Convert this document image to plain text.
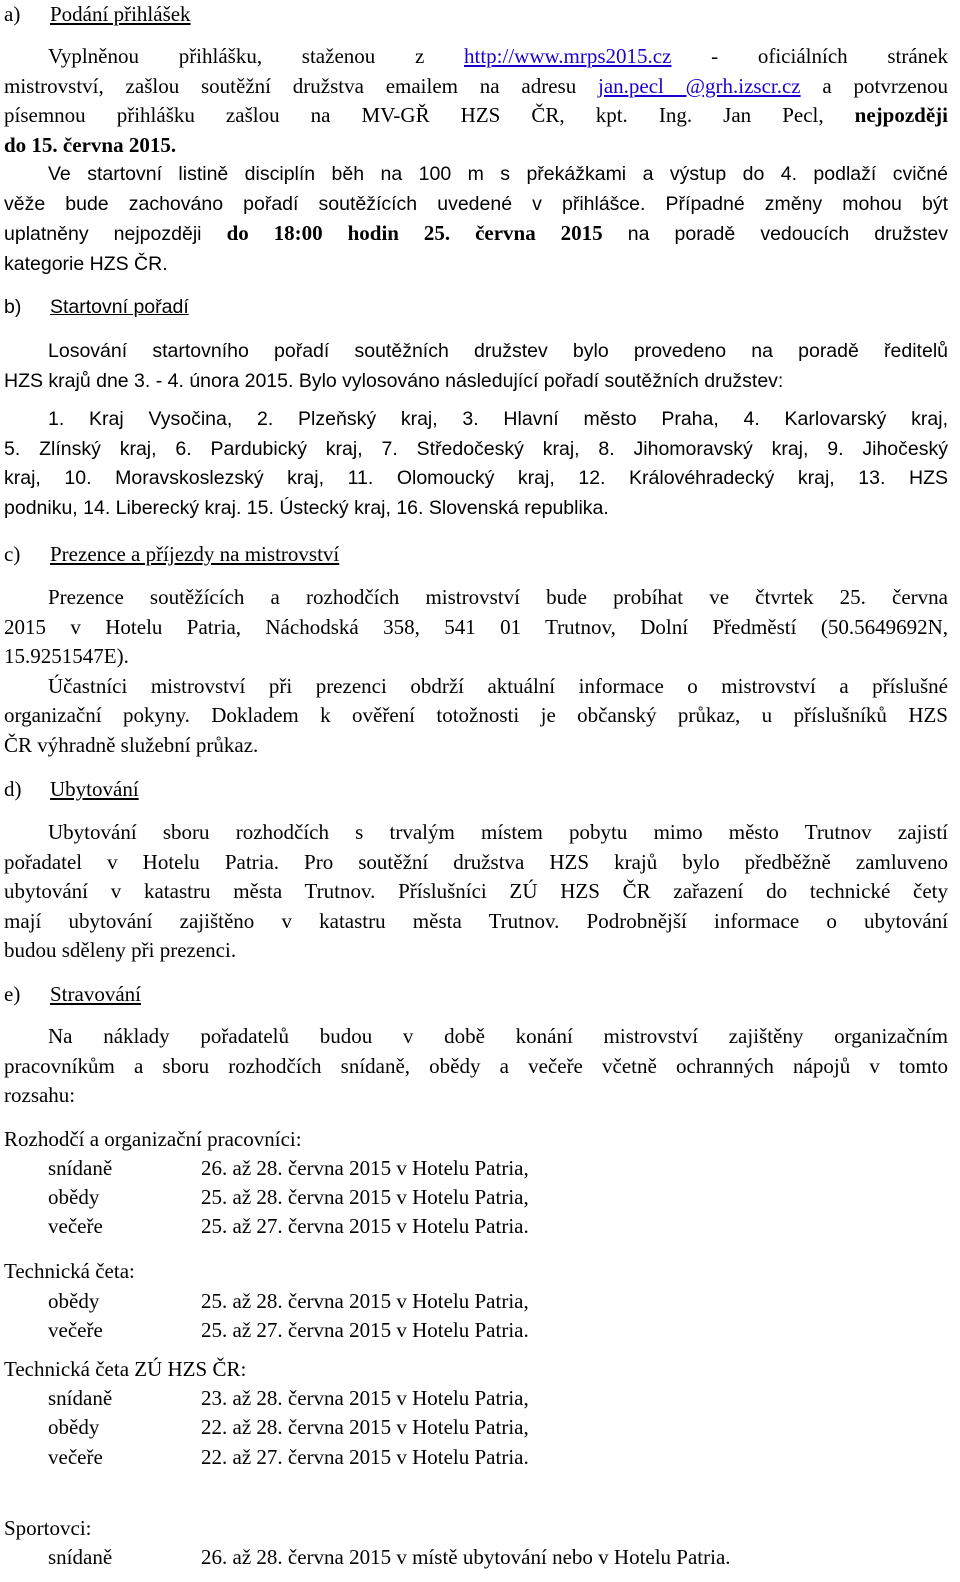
a) Podání přihlášek
Vyplněnou přihlášku, staženou z http://www.mrps2015.cz - oficiálních stránek
mistrovství, zašlou soutěžní družstva emailem na adresu jan.pecl @grh.izscr.cz a potvrzenou
písemnou přihlášku zašlou na MV-GŘ HZS ČR, kpt. Ing. Jan Pecl, nejpozději
do 15. června 2015.
Ve startovní listině disciplín běh na 100 m s překážkami a výstup do 4. podlaží cvičné
věže bude zachováno pořadí soutěžících uvedené v přihlášce. Případné změny mohou být
uplatněny nejpozději do 18:00 hodin 25. června 2015 na poradě vedoucích družstev
kategorie HZS ČR.
b) Startovní pořadí
Losování startovního pořadí soutěžních družstev bylo provedeno na poradě ředitelů
HZS krajů dne 3. - 4. února 2015. Bylo vylosováno následující pořadí soutěžních družstev:
1. Kraj Vysočina, 2. Plzeňský kraj, 3. Hlavní město Praha, 4. Karlovarský kraj,
5. Zlínský kraj, 6. Pardubický kraj, 7. Středočeský kraj, 8. Jihomoravský kraj, 9. Jihočeský
kraj, 10. Moravskoslezský kraj, 11. Olomoucký kraj, 12. Královéhradecký kraj, 13. HZS
podniku, 14. Liberecký kraj. 15. Ústecký kraj, 16. Slovenská republika.
c) Prezence a příjezdy na mistrovství
Prezence soutěžících a rozhodčích mistrovství bude probíhat ve čtvrtek 25. června
2015 v Hotelu Patria, Náchodská 358, 541 01 Trutnov, Dolní Předměstí (50.5649692N,
15.9251547E).
Účastníci mistrovství při prezenci obdrží aktuální informace o mistrovství a příslušné
organizační pokyny. Dokladem k ověření totožnosti je občanský průkaz, u příslušníků HZS
ČR výhradně služební průkaz.
d) Ubytování
Ubytování sboru rozhodčích s trvalým místem pobytu mimo město Trutnov zajistí
pořadatel v Hotelu Patria. Pro soutěžní družstva HZS krajů bylo předběžně zamluveno
ubytování v katastru města Trutnov. Příslušníci ZÚ HZS ČR zařazení do technické čety
mají ubytování zajištěno v katastru města Trutnov. Podrobnější informace o ubytování
budou sděleny při prezenci.
e) Stravování
Na náklady pořadatelů budou v době konání mistrovství zajištěny organizačním
pracovníkům a sboru rozhodčích snídaně, obědy a večeře včetně ochranných nápojů v tomto
rozsahu:
Rozhodčí a organizační pracovníci:
snídaně	26. až 28. června 2015 v Hotelu Patria,
obědy	25. až 28. června 2015 v Hotelu Patria,
večeře	25. až 27. června 2015 v Hotelu Patria.
Technická četa:
obědy	25. až 28. června 2015 v Hotelu Patria,
večeře	25. až 27. června 2015 v Hotelu Patria.
Technická četa ZÚ HZS ČR:
snídaně	23. až 28. června 2015 v Hotelu Patria,
obědy	22. až 28. června 2015 v Hotelu Patria,
večeře	22. až 27. června 2015 v Hotelu Patria.
Sportovci:
snídaně	26. až 28. června 2015 v místě ubytování nebo v Hotelu Patria.
